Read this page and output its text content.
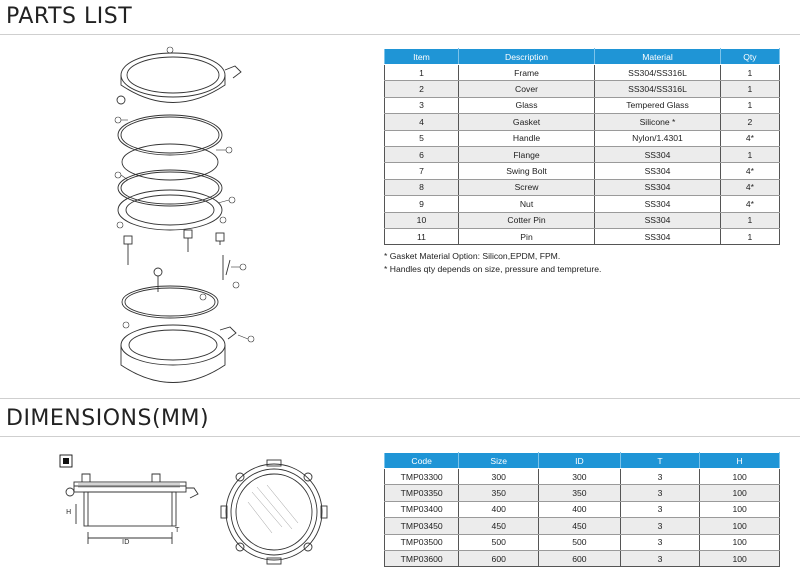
PARTS LIST
Item	Description	Material	Qty
1	Frame	SS304/SS316L	1
2	Cover	SS304/SS316L	1
3	Glass	Tempered Glass	1
4	Gasket	Silicone *	2
5	Handle	Nylon/1.4301	4*
6	Flange	SS304	1
7	Swing Bolt	SS304	4*
8	Screw	SS304	4*
9	Nut	SS304	4*
10	Cotter Pin	SS304	1
11	Pin	SS304	1
* Gasket Material Option: Silicon,EPDM, FPM.
* Handles qty depends on size, pressure and tempreture.
DIMENSIONS(MM)
ID
T
H
Code	Size	ID	T	H
TMP03300	300	300	3	100
TMP03350	350	350	3	100
TMP03400	400	400	3	100
TMP03450	450	450	3	100
TMP03500	500	500	3	100
TMP03600	600	600	3	100
